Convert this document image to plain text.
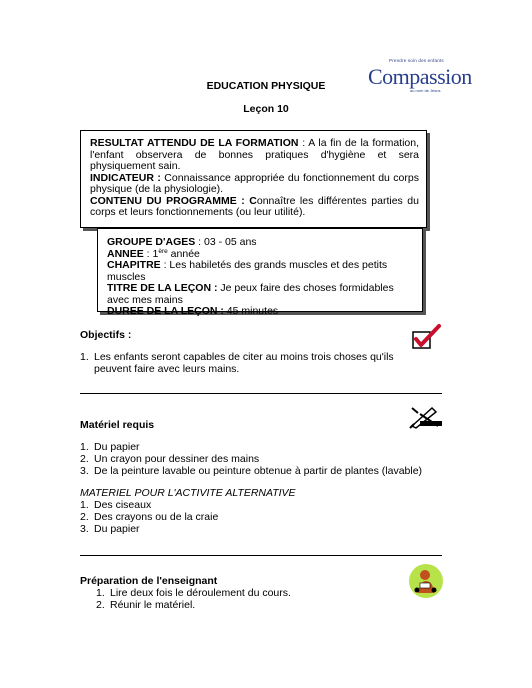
EDUCATION PHYSIQUE
Leçon 10
Prendre soin des enfants
Compassion
au nom de Jésus
RESULTAT ATTENDU DE LA FORMATION : A la fin de la formation, l'enfant observera de bonnes pratiques d'hygiène et sera physiquement sain.
INDICATEUR : Connaissance appropriée du fonctionnement du corps physique (de la physiologie).
CONTENU DU PROGRAMME : Connaître les différentes parties du corps et leurs fonctionnements (ou leur utilité).
GROUPE D'AGES : 03 - 05 ans
ANNEE : 1ère année
CHAPITRE : Les habiletés des grands muscles et des petits muscles
TITRE DE LA LEÇON : Je peux faire des choses formidables avec mes mains
DUREE DE LA LEÇON : 45 minutes
Objectifs :
1. Les enfants seront capables de citer au moins trois choses qu'ils peuvent faire avec leurs mains.
Matériel requis
1. Du papier
2. Un crayon pour dessiner des mains
3. De la peinture lavable ou peinture obtenue à partir de plantes (lavable)
MATERIEL POUR L'ACTIVITE ALTERNATIVE
1. Des ciseaux
2. Des crayons ou de la craie
3. Du papier
Préparation de l'enseignant
1. Lire deux fois le déroulement du cours.
2. Réunir le matériel.
